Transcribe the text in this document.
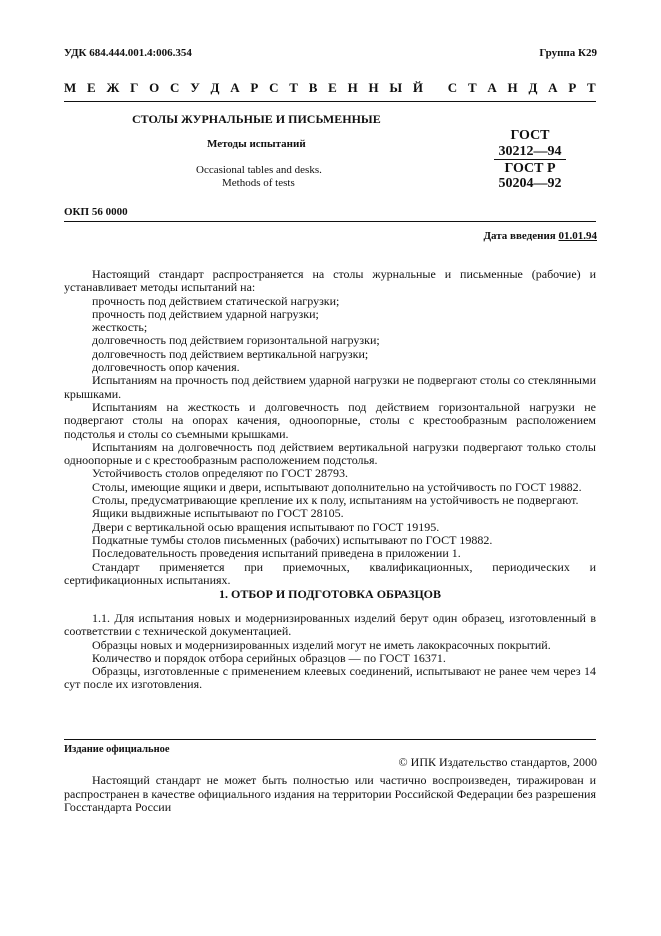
УДК 684.444.001.4:006.354	Группа К29
М Е Ж Г О С У Д А Р С Т В Е Н Н Ы Й
С Т А Н Д А Р Т
СТОЛЫ ЖУРНАЛЬНЫЕ И ПИСЬМЕННЫЕ
Методы испытаний
Occasional tables and desks.
Methods of tests
ГОСТ
30212—94
ГОСТ Р
50204—92
ОКП 56 0000
Дата введения 01.01.94

Настоящий стандарт распространяется на столы журнальные и письменные (рабочие) и устанавливает методы испытаний на:

прочность под действием статической нагрузки;

прочность под действием ударной нагрузки;

жесткость;

долговечность под действием горизонтальной нагрузки;

долговечность под действием вертикальной нагрузки;

долговечность опор качения.

Испытаниям на прочность под действием ударной нагрузки не подвергают столы со стеклянными крышками.

Испытаниям на жесткость и долговечность под действием горизонтальной нагрузки не подвергают столы на опорах качения, одноопорные, столы с крестообразным расположением подстолья и столы со съемными крышками.

Испытаниям на долговечность под действием вертикальной нагрузки подвергают только столы одноопорные и с крестообразным расположением подстолья.

Устойчивость столов определяют по ГОСТ 28793.

Столы, имеющие ящики и двери, испытывают дополнительно на устойчивость по ГОСТ 19882.

Столы, предусматривающие крепление их к полу, испытаниям на устойчивость не подвергают.

Ящики выдвижные испытывают по ГОСТ 28105.

Двери с вертикальной осью вращения испытывают по ГОСТ 19195.

Подкатные тумбы столов письменных (рабочих) испытывают по ГОСТ 19882.

Последовательность проведения испытаний приведена в приложении 1.

Стандарт применяется при приемочных, квалификационных, периодических и сертификационных испытаниях.

1. ОТБОР И ПОДГОТОВКА ОБРАЗЦОВ

1.1. Для испытания новых и модернизированных изделий берут один образец, изготовленный в соответствии с технической документацией.

Образцы новых и модернизированных изделий могут не иметь лакокрасочных покрытий.

Количество и порядок отбора серийных образцов — по ГОСТ 16371.

Образцы, изготовленные с применением клеевых соединений, испытывают не ранее чем через 14 сут после их изготовления.

Издание официальное
© ИПК Издательство стандартов, 2000

Настоящий стандарт не может быть полностью или частично воспроизведен, тиражирован и распространен в качестве официального издания на территории Российской Федерации без разрешения Госстандарта России
